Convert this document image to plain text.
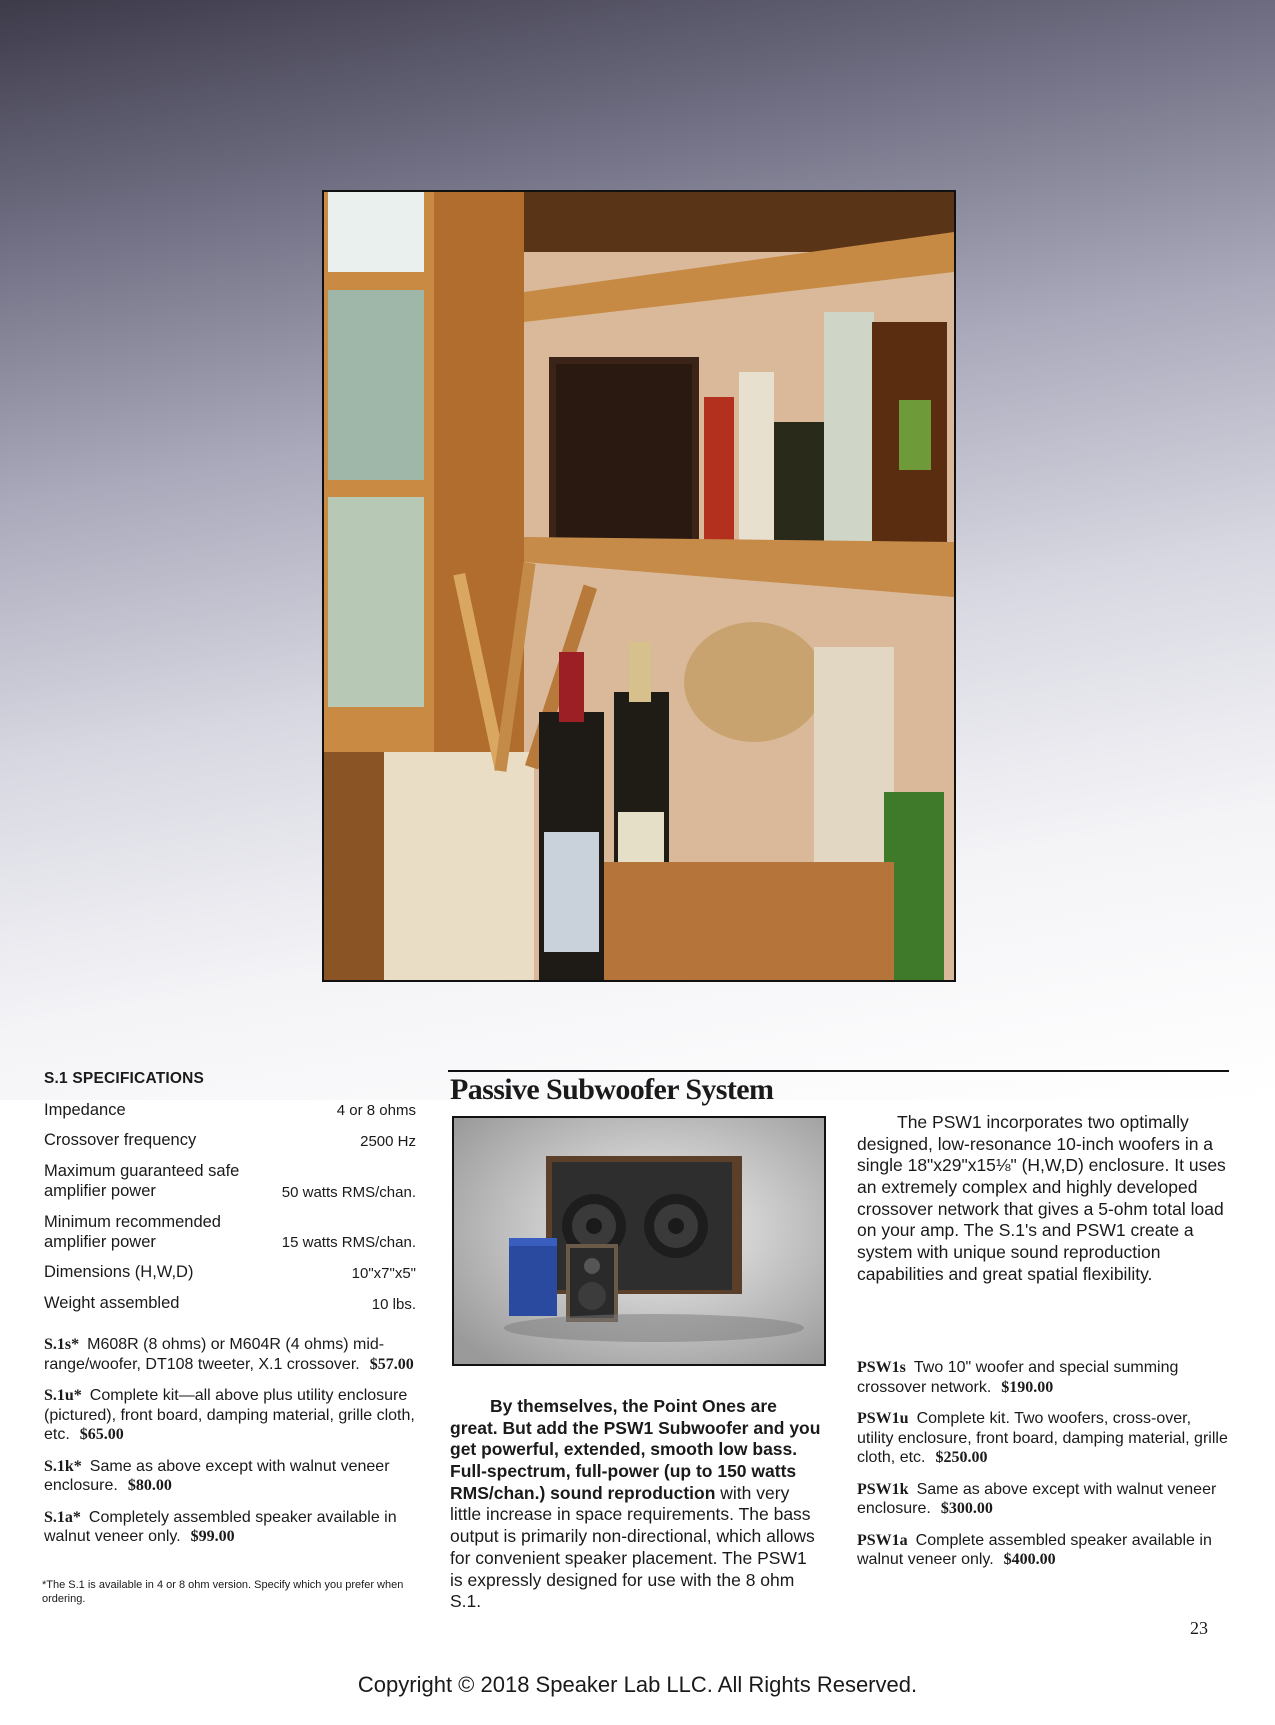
S.1 SPECIFICATIONS
Impedance	4 or 8 ohms
Crossover frequency	2500 Hz
Maximum guaranteed safe amplifier power	50 watts RMS/chan.
Minimum recommended amplifier power	15 watts RMS/chan.
Dimensions (H,W,D)	10"x7"x5"
Weight assembled	10 lbs.
S.1s* M608R (8 ohms) or M604R (4 ohms) mid-range/woofer, DT108 tweeter, X.1 crossover. $57.00
S.1u* Complete kit—all above plus utility enclosure (pictured), front board, damping material, grille cloth, etc. $65.00
S.1k* Same as above except with walnut veneer enclosure. $80.00
S.1a* Completely assembled speaker available in walnut veneer only. $99.00
*The S.1 is available in 4 or 8 ohm version. Specify which you prefer when ordering.
Passive Subwoofer System

By themselves, the Point Ones are great. But add the PSW1 Subwoofer and you get powerful, extended, smooth low bass. Full-spectrum, full-power (up to 150 watts RMS/chan.) sound reproduction with very little increase in space requirements. The bass output is primarily non-directional, which allows for convenient speaker placement. The PSW1 is expressly designed for use with the 8 ohm S.1.

The PSW1 incorporates two optimally designed, low-resonance 10-inch woofers in a single 18"x29"x15⅛" (H,W,D) enclosure. It uses an extremely complex and highly developed crossover network that gives a 5-ohm total load on your amp. The S.1's and PSW1 create a system with unique sound reproduction capabilities and great spatial flexibility.

PSW1s Two 10" woofer and special summing crossover network. $190.00
PSW1u Complete kit. Two woofers, cross-over, utility enclosure, front board, damping material, grille cloth, etc. $250.00
PSW1k Same as above except with walnut veneer enclosure. $300.00
PSW1a Complete assembled speaker available in walnut veneer only. $400.00
23
Copyright © 2018 Speaker Lab LLC. All Rights Reserved.
